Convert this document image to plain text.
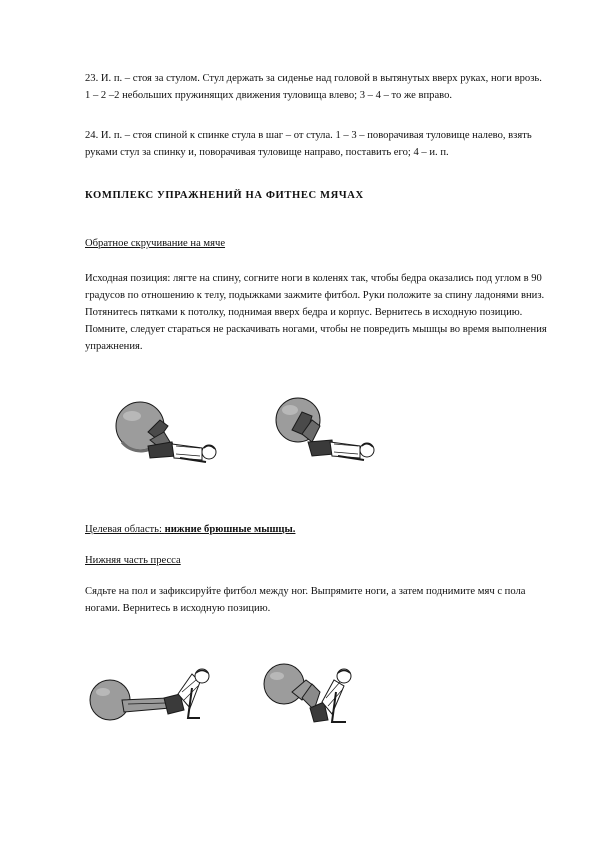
23. И. п. – стоя за стулом. Стул держать за сиденье над головой в вытянутых вверх руках, ноги врозь. 1 – 2 –2 небольших пружинящих движения туловища влево; 3 – 4 – то же вправо.

24. И. п. – стоя спиной к спинке стула в шаг – от стула. 1 – 3 – поворачивая туловище налево, взять руками стул за спинку и, поворачивая туловище направо, поставить его; 4 – и. п.

КОМПЛЕКС УПРАЖНЕНИЙ НА ФИТНЕС МЯЧАХ

Обратное скручивание на мяче

Исходная позиция: лягте на спину, согните ноги в коленях так, чтобы бедра оказались под углом в 90 градусов по отношению к телу, подыжками зажмите фитбол. Руки положите за спину ладонями вниз. Потянитесь пятками к потолку, поднимая вверх бедра и корпус. Вернитесь в исходную позицию. Помните, следует стараться не раскачивать ногами, чтобы не повредить мышцы во время выполнения упражнения.

Целевая область: нижние брюшные мышцы.

Нижняя часть пресса

Сядьте на пол и зафиксируйте фитбол между ног. Выпрямите ноги, а затем поднимите мяч с пола ногами. Вернитесь в исходную позицию.
